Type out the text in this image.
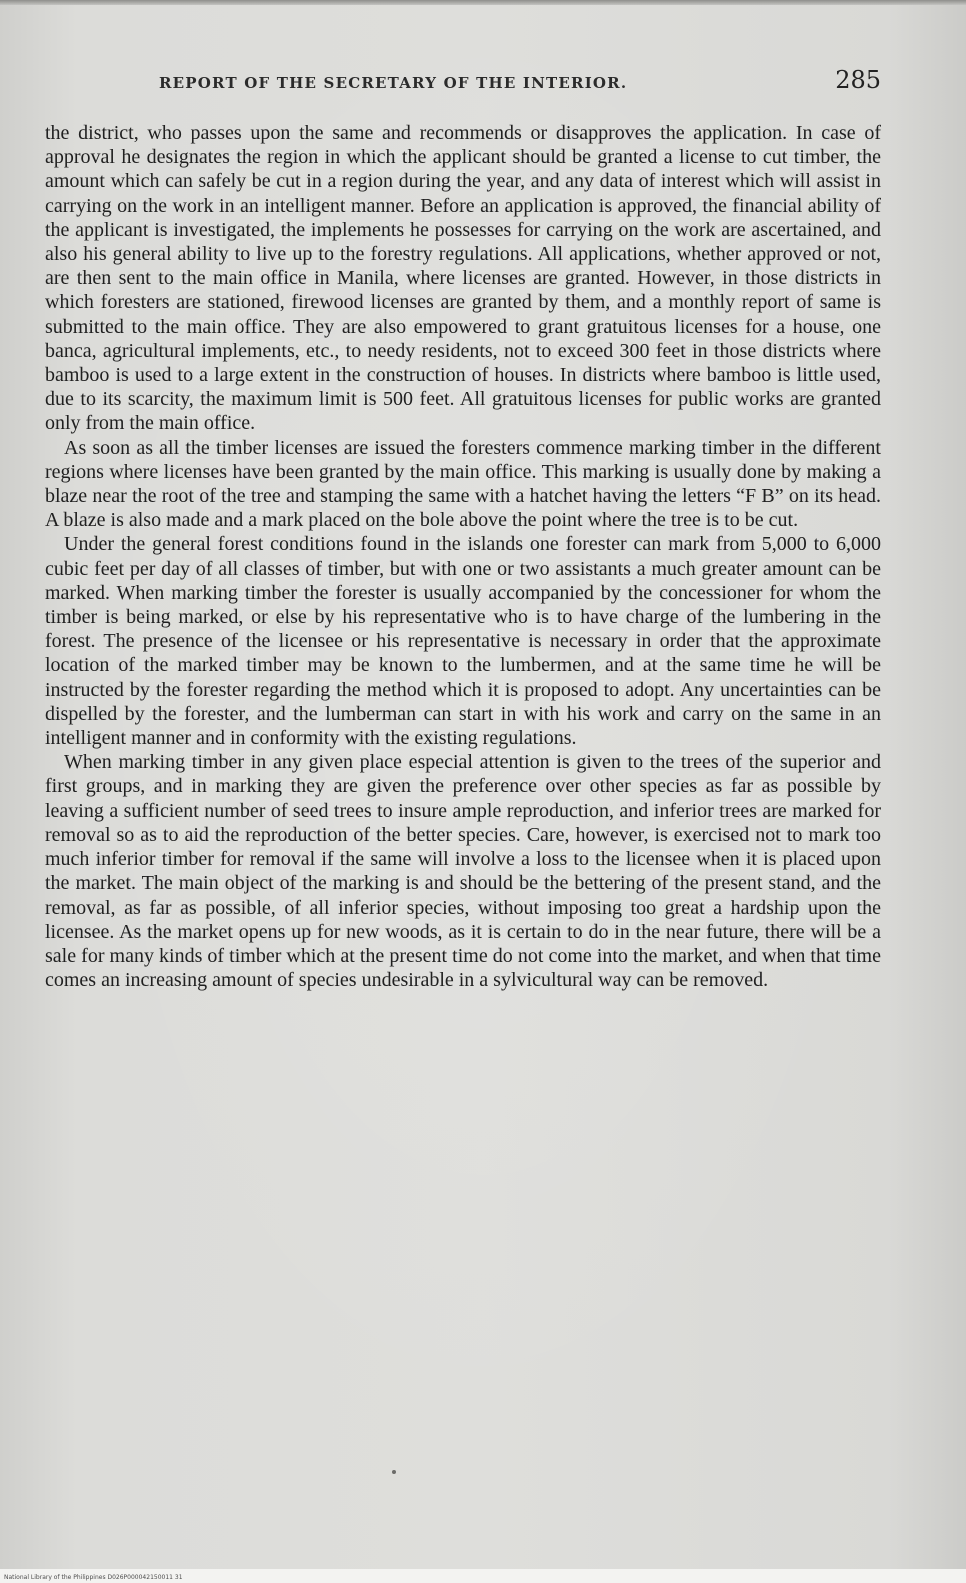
REPORT OF THE SECRETARY OF THE INTERIOR.	285

the district, who passes upon the same and recommends or disapproves the application. In case of approval he designates the region in which the applicant should be granted a license to cut timber, the amount which can safely be cut in a region during the year, and any data of interest which will assist in carrying on the work in an intelligent manner. Before an application is approved, the financial ability of the applicant is investigated, the implements he possesses for carrying on the work are ascertained, and also his general ability to live up to the forestry regulations. All applications, whether approved or not, are then sent to the main office in Manila, where licenses are granted. However, in those districts in which foresters are stationed, firewood licenses are granted by them, and a monthly report of same is submitted to the main office. They are also empowered to grant gratuitous licenses for a house, one banca, agricultural implements, etc., to needy residents, not to exceed 300 feet in those districts where bamboo is used to a large extent in the construction of houses. In districts where bamboo is little used, due to its scarcity, the maximum limit is 500 feet. All gratuitous licenses for public works are granted only from the main office.

As soon as all the timber licenses are issued the foresters commence marking timber in the different regions where licenses have been granted by the main office. This marking is usually done by making a blaze near the root of the tree and stamping the same with a hatchet having the letters “F B” on its head. A blaze is also made and a mark placed on the bole above the point where the tree is to be cut.

Under the general forest conditions found in the islands one forester can mark from 5,000 to 6,000 cubic feet per day of all classes of timber, but with one or two assistants a much greater amount can be marked. When marking timber the forester is usually accompanied by the concessioner for whom the timber is being marked, or else by his representative who is to have charge of the lumbering in the forest. The presence of the licensee or his representative is necessary in order that the approximate location of the marked timber may be known to the lumbermen, and at the same time he will be instructed by the forester regarding the method which it is proposed to adopt. Any uncertainties can be dispelled by the forester, and the lumberman can start in with his work and carry on the same in an intelligent manner and in conformity with the existing regulations.

When marking timber in any given place especial attention is given to the trees of the superior and first groups, and in marking they are given the preference over other species as far as possible by leaving a sufficient number of seed trees to insure ample reproduction, and inferior trees are marked for removal so as to aid the reproduction of the better species. Care, however, is exercised not to mark too much inferior timber for removal if the same will involve a loss to the licensee when it is placed upon the market. The main object of the marking is and should be the bettering of the present stand, and the removal, as far as possible, of all inferior species, without imposing too great a hardship upon the licensee. As the market opens up for new woods, as it is certain to do in the near future, there will be a sale for many kinds of timber which at the present time do not come into the market, and when that time comes an increasing amount of species undesirable in a sylvicultural way can be removed.

National Library of the Philippines D026P000042150011 31
